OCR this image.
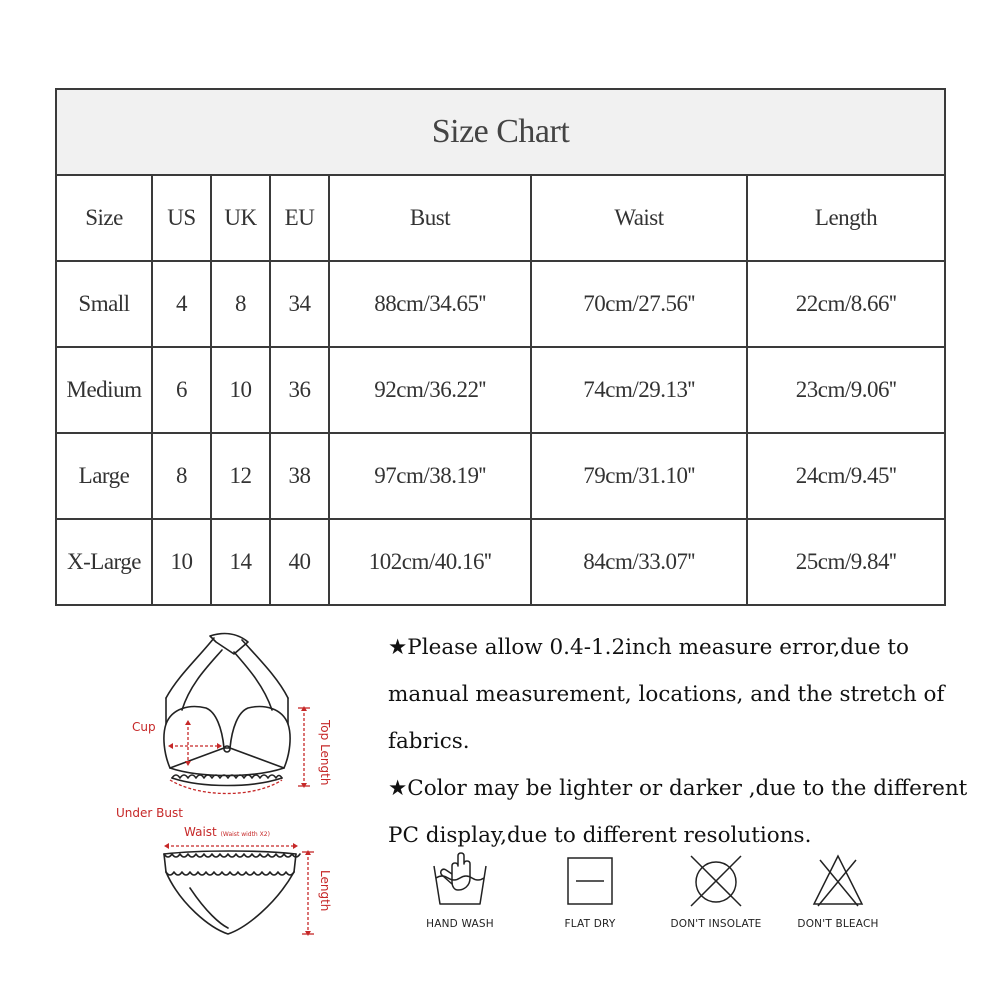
Size Chart						
Size	US	UK	EU	Bust	Waist	Length
Small	4	8	34	88cm/34.65''	70cm/27.56''	22cm/8.66''
Medium	6	10	36	92cm/36.22''	74cm/29.13''	23cm/9.06''
Large	8	12	38	97cm/38.19''	79cm/31.10''	24cm/9.45''
X-Large	10	14	40	102cm/40.16''	84cm/33.07''	25cm/9.84''
Cup
Under Bust
Waist (Waist width X2)
Top Length
Length

★Please allow 0.4-1.2inch measure error,due to manual measurement, locations, and the stretch of fabrics.

★Color may be lighter or darker ,due to the different PC display,due to different resolutions.

HAND WASH	FLAT DRY	DON'T INSOLATE	DON'T BLEACH
